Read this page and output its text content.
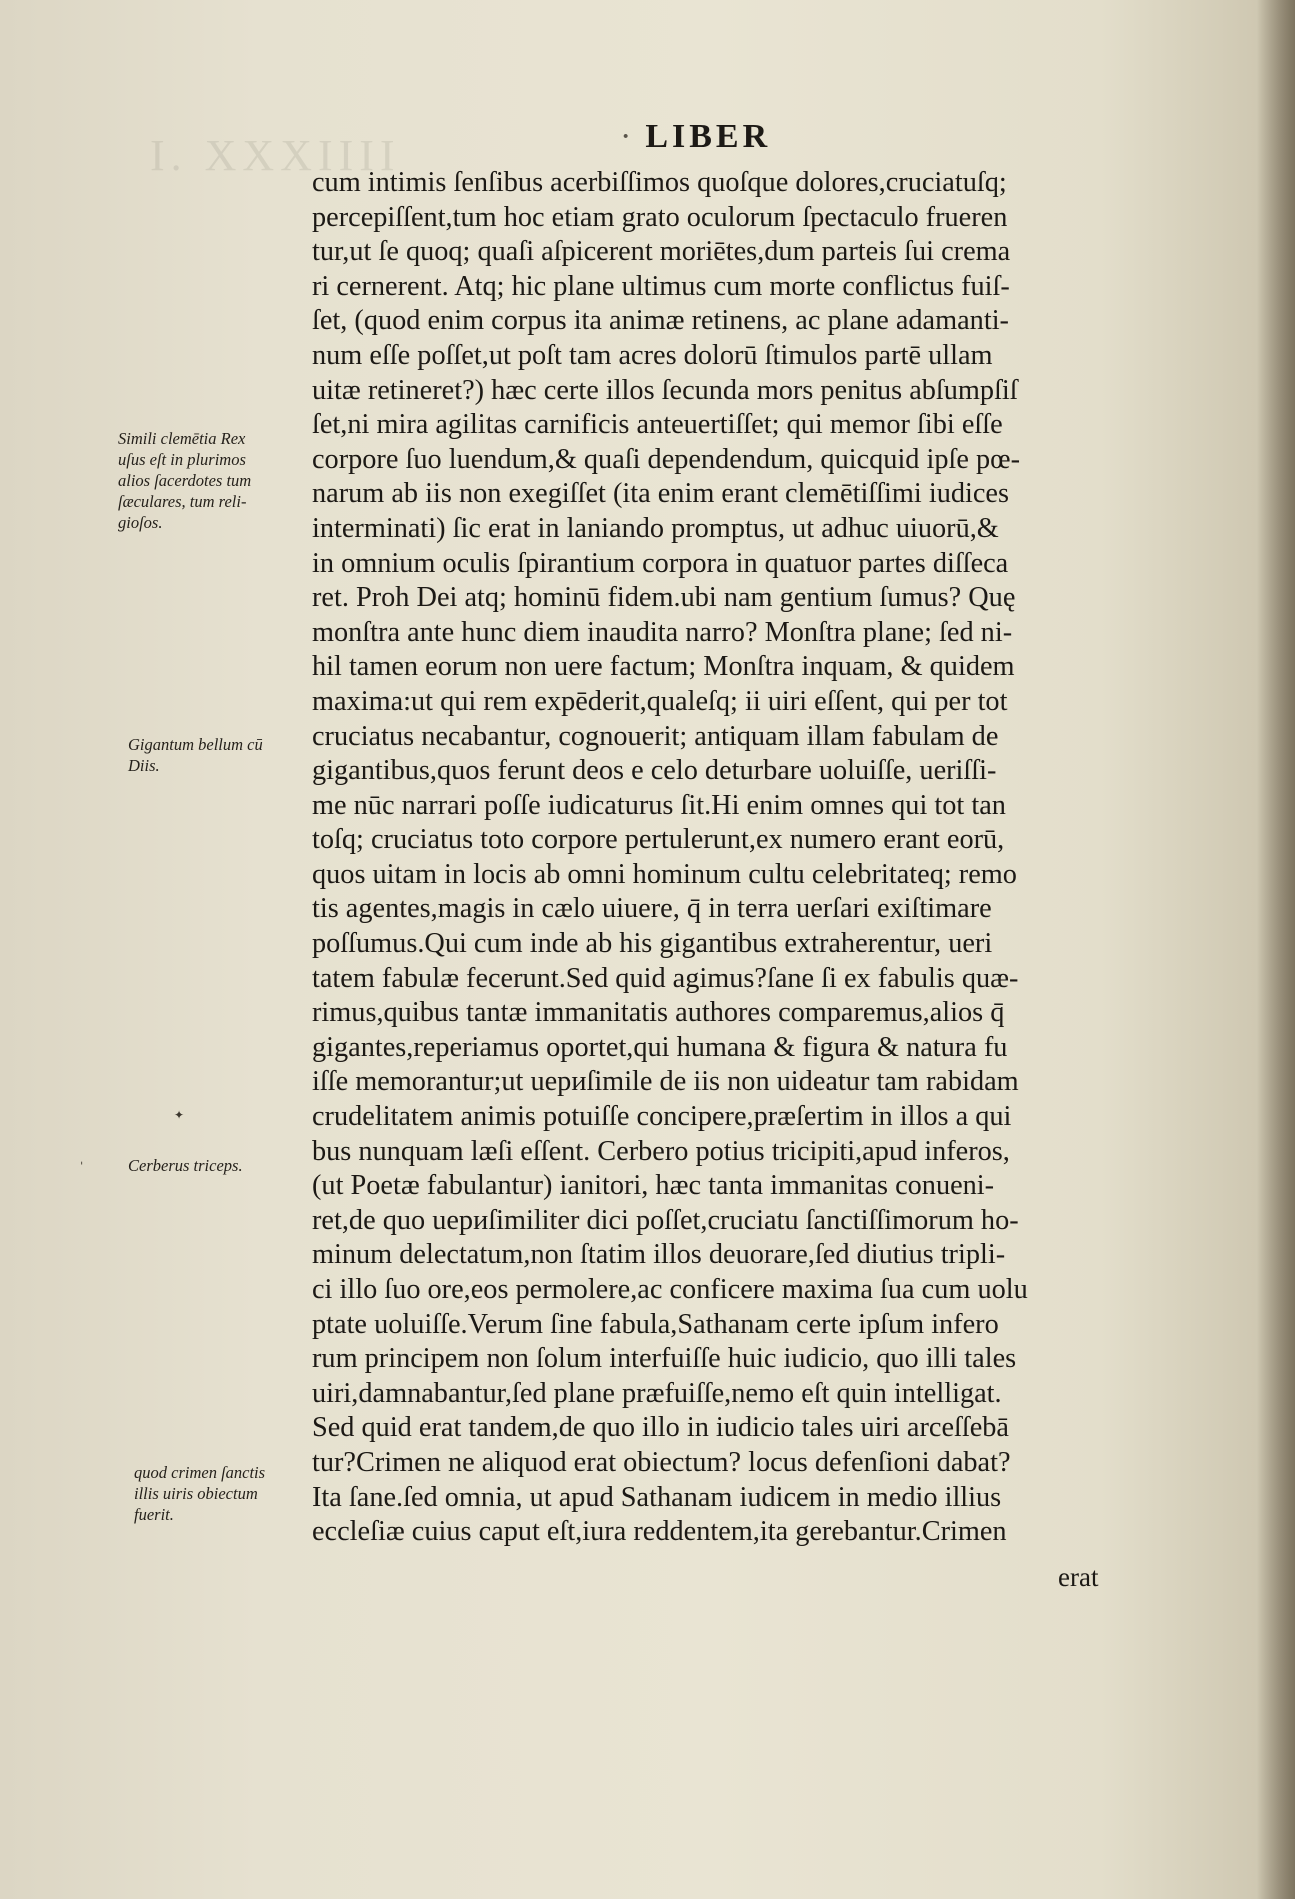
I. XXXIIII	· LIBER
cum intimis ſenſibus acerbiſſimos quoſque dolores,cruciatuſq;
percepiſſent,tum hoc etiam grato oculorum ſpectaculo frueren
tur,ut ſe quoq; quaſi aſpicerent moriētes,dum parteis ſui crema
ri cernerent. Atq; hic plane ultimus cum morte conflictus fuiſ-
ſet, (quod enim corpus ita animæ retinens, ac plane adamanti-
num eſſe poſſet,ut poſt tam acres dolorū ſtimulos partē ullam
uitæ retineret?) hæc certe illos ſecunda mors penitus abſumpſiſ
ſet,ni mira agilitas carnificis anteuertiſſet; qui memor ſibi eſſe
corpore ſuo luendum,& quaſi dependendum, quicquid ipſe pœ-
narum ab iis non exegiſſet (ita enim erant clemētiſſimi iudices
interminati) ſic erat in laniando promptus, ut adhuc uiuorū,&
in omnium oculis ſpirantium corpora in quatuor partes diſſeca
ret. Proh Dei atq; hominū fidem.ubi nam gentium ſumus? Quę
monſtra ante hunc diem inaudita narro? Monſtra plane; ſed ni-
hil tamen eorum non uere factum; Monſtra inquam, & quidem
maxima:ut qui rem expēderit,qualeſq; ii uiri eſſent, qui per tot
cruciatus necabantur, cognouerit; antiquam illam fabulam de
gigantibus,quos ferunt deos e celo deturbare uoluiſſe, ueriſſi-
me nūc narrari poſſe iudicaturus ſit.Hi enim omnes qui tot tan
toſq; cruciatus toto corpore pertulerunt,ex numero erant eorū,
quos uitam in locis ab omni hominum cultu celebritateq; remo
tis agentes,magis in cælo uiuere, q̄ in terra uerſari exiſtimare
poſſumus.Qui cum inde ab his gigantibus extraherentur, ueri
tatem fabulæ fecerunt.Sed quid agimus?ſane ſi ex fabulis quæ-
rimus,quibus tantæ immanitatis authores comparemus,alios q̄
gigantes,reperiamus oportet,qui humana & figura & natura fu
iſſe memorantur;ut uериſimile de iis non uideatur tam rabidam
crudelitatem animis potuiſſe concipere,præſertim in illos a qui
bus nunquam læſi eſſent. Cerbero potius tricipiti,apud inferos,
(ut Poetæ fabulantur) ianitori, hæc tanta immanitas conueni-
ret,de quo uериſimiliter dici poſſet,cruciatu ſanctiſſimorum ho-
minum delectatum,non ſtatim illos deuorare,ſed diutius tripli-
ci illo ſuo ore,eos permolere,ac conficere maxima ſua cum uolu
ptate uoluiſſe.Verum ſine fabula,Sathanam certe ipſum infero
rum principem non ſolum interfuiſſe huic iudicio, quo illi tales
uiri,damnabantur,ſed plane præfuiſſe,nemo eſt quin intelligat.
Sed quid erat tandem,de quo illo in iudicio tales uiri arceſſebā
tur?Crimen ne aliquod erat obiectum? locus defenſioni dabat?
Ita ſane.ſed omnia, ut apud Sathanam iudicem in medio illius
eccleſiæ cuius caput eſt,iura reddentem,ita gerebantur.Crimen
erat
Simili clemētia Rex
uſus eſt in plurimos
alios ſacerdotes tum
ſæculares, tum reli-
gioſos.
Gigantum bellum cū
Diis.
Cerberus triceps.
quod crimen ſanctis
illis uiris obiectum
fuerit.
✦
ˈ
